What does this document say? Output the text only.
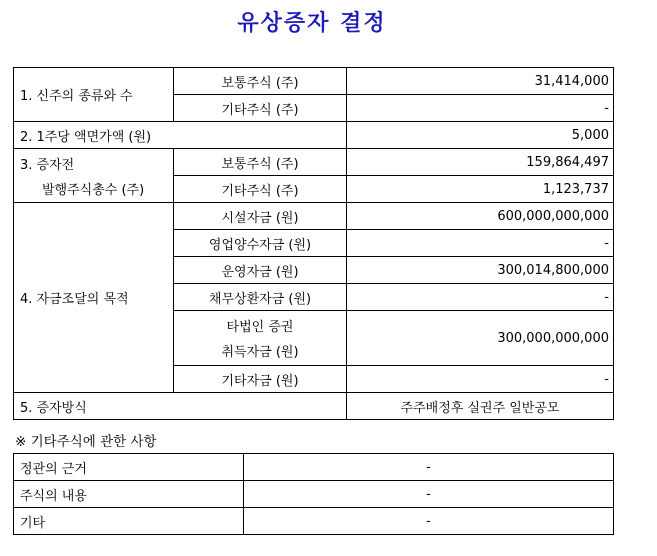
유상증자 결정
1. 신주의 종류와 수	보통주식 (주)	31,414,000
	기타주식 (주)	-
2. 1주당 액면가액 (원)		5,000

3. 증자전
발행주식총수 (주)	보통주식 (주)	159,864,497
	기타주식 (주)	1,123,737
4. 자금조달의 목적	시설자금 (원)	600,000,000,000
	영업양수자금 (원)	-
	운영자금 (원)	300,014,800,000
	채무상환자금 (원)	-

	타법인 증권
취득자금 (원)	300,000,000,000
	기타자금 (원)	-
5. 증자방식		주주배정후 실권주 일반공모
※ 기타주식에 관한 사항
정관의 근거	-
주식의 내용	-
기타	-
